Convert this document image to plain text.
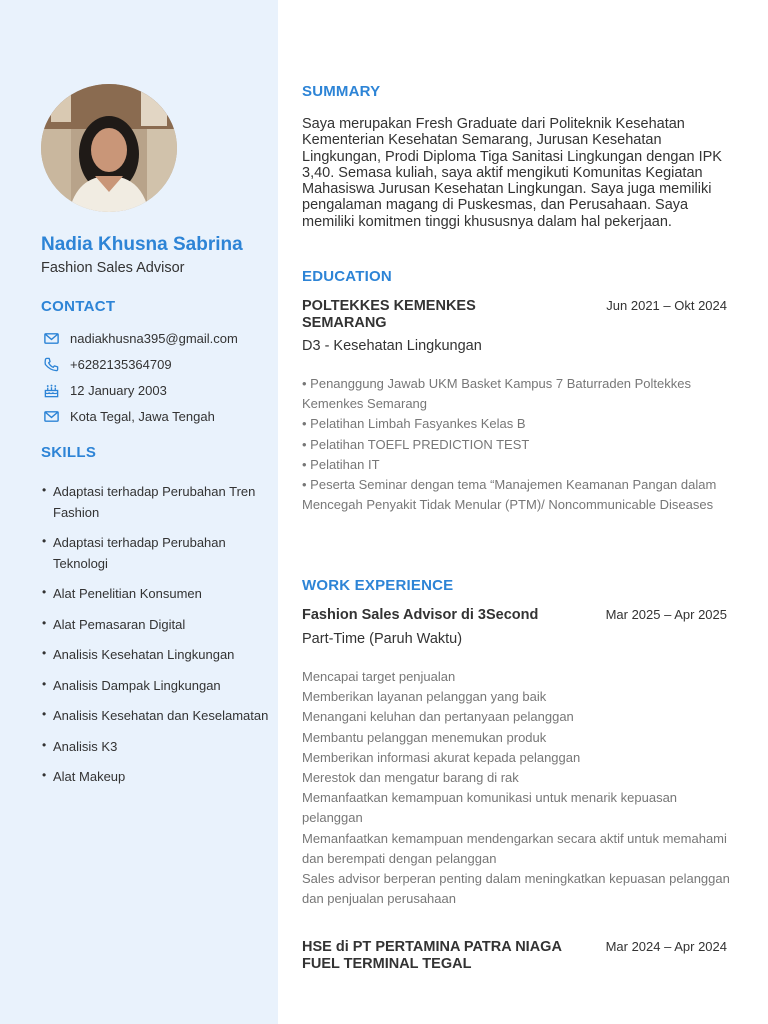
Nadia Khusna Sabrina
Fashion Sales Advisor
CONTACT
nadiakhusna395@gmail.com
+6282135364709
12 January 2003
Kota Tegal, Jawa Tengah
SKILLS
• Adaptasi terhadap Perubahan Tren Fashion
• Adaptasi terhadap Perubahan Teknologi
• Alat Penelitian Konsumen
• Alat Pemasaran Digital
• Analisis Kesehatan Lingkungan
• Analisis Dampak Lingkungan
• Analisis Kesehatan dan Keselamatan
• Analisis K3
• Alat Makeup
SUMMARY

Saya merupakan Fresh Graduate dari Politeknik Kesehatan Kementerian Kesehatan Semarang, Jurusan Kesehatan Lingkungan, Prodi Diploma Tiga Sanitasi Lingkungan dengan IPK 3,40. Semasa kuliah, saya aktif mengikuti Komunitas Kegiatan Mahasiswa Jurusan Kesehatan Lingkungan. Saya juga memiliki pengalaman magang di Puskesmas, dan Perusahaan. Saya memiliki komitmen tinggi khususnya dalam hal pekerjaan.

EDUCATION
POLTEKKES KEMENKES SEMARANG
Jun 2021 – Okt 2024
D3 - Kesehatan Lingkungan
• Penanggung Jawab UKM Basket Kampus 7 Baturraden Poltekkes Kemenkes Semarang
• Pelatihan Limbah Fasyankes Kelas B
• Pelatihan TOEFL PREDICTION TEST
• Pelatihan IT
• Peserta Seminar dengan tema “Manajemen Keamanan Pangan dalam Mencegah Penyakit Tidak Menular (PTM)/ Noncommunicable Diseases
WORK EXPERIENCE
Fashion Sales Advisor di 3Second	Mar 2025 – Apr 2025
Part-Time (Paruh Waktu)
Mencapai target penjualan
Memberikan layanan pelanggan yang baik
Menangani keluhan dan pertanyaan pelanggan
Membantu pelanggan menemukan produk
Memberikan informasi akurat kepada pelanggan
Merestok dan mengatur barang di rak
Memanfaatkan kemampuan komunikasi untuk menarik kepuasan pelanggan
Memanfaatkan kemampuan mendengarkan secara aktif untuk memahami dan berempati dengan pelanggan
Sales advisor berperan penting dalam meningkatkan kepuasan pelanggan dan penjualan perusahaan
HSE di PT PERTAMINA PATRA NIAGA FUEL TERMINAL TEGAL
Mar 2024 – Apr 2024
